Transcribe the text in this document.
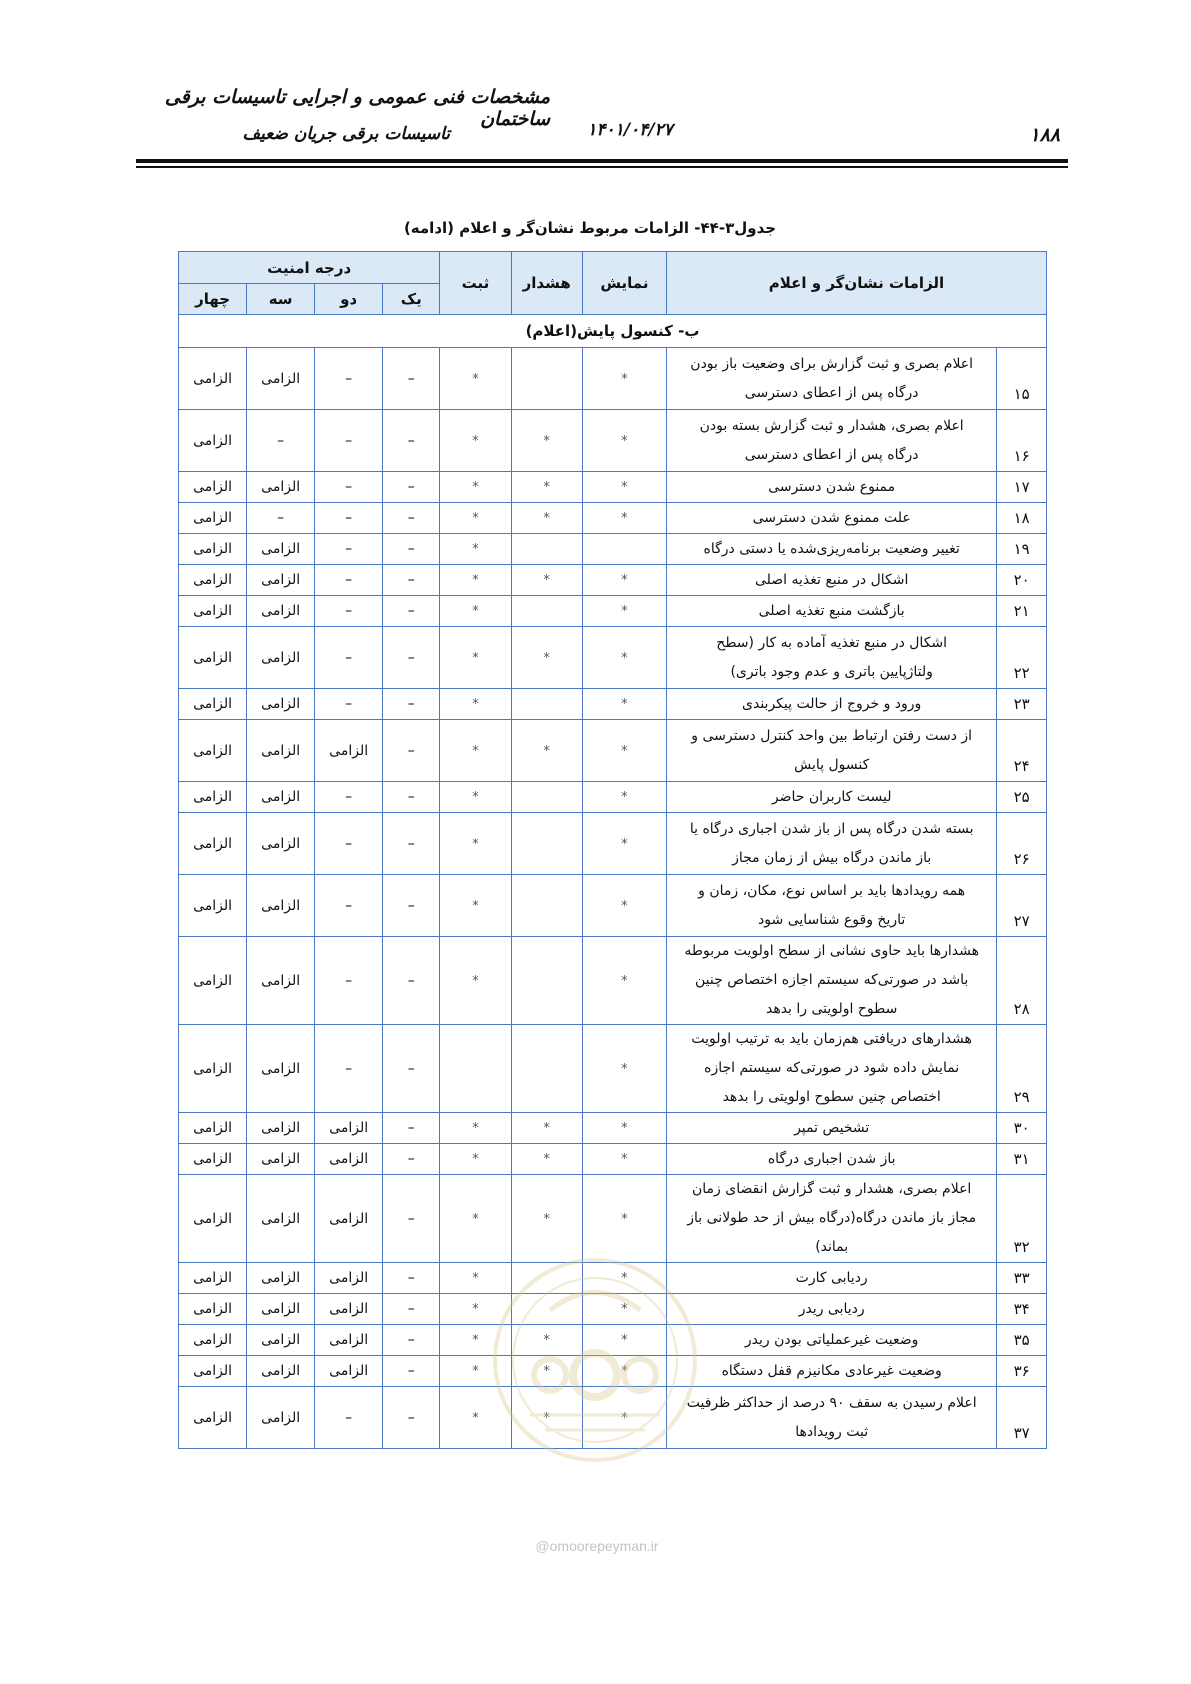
مشخصات فنی عمومی و اجرایی تاسیسات برقی ساختمان
تاسیسات برقی جریان ضعیف	۱۴۰۱/۰۴/۲۷	۱۸۸
جدول۳-۴۴- الزامات مربوط نشان‌گر و اعلام (ادامه)
الزامات نشان‌گر و اعلام		نمایش	هشدار	ثبت	درجه امنیت			
					یک	دو	سه	چهار
ب- کنسول پایش(اعلام)								
۱۵	اعلام بصری و ثبت گزارش برای وضعیت باز بودن
درگاه پس از اعطای دسترسی	*		*	–	–	الزامی	الزامی
۱۶	اعلام بصری، هشدار و ثبت گزارش بسته بودن
درگاه پس از اعطای دسترسی	*	*	*	–	–	–	الزامی
۱۷	ممنوع شدن دسترسی	*	*	*	–	–	الزامی	الزامی
۱۸	علت ممنوع شدن دسترسی	*	*	*	–	–	–	الزامی
۱۹	تغییر وضعیت برنامه‌ریزی‌شده یا دستی درگاه			*	–	–	الزامی	الزامی
۲۰	اشکال در منبع تغذیه اصلی	*	*	*	–	–	الزامی	الزامی
۲۱	بازگشت منبع تغذیه اصلی	*		*	–	–	الزامی	الزامی
۲۲	اشکال در منبع تغذیه آماده به کار (سطح
ولتاژپایین باتری و عدم وجود باتری)	*	*	*	–	–	الزامی	الزامی
۲۳	ورود و خروج از حالت پیکربندی	*		*	–	–	الزامی	الزامی
۲۴	از دست رفتن ارتباط بین واحد کنترل دسترسی و
کنسول پایش	*	*	*	–	الزامی	الزامی	الزامی
۲۵	لیست کاربران حاضر	*		*	–	–	الزامی	الزامی
۲۶	بسته شدن درگاه پس از باز شدن اجباری درگاه یا
باز ماندن درگاه بیش از زمان مجاز	*		*	–	–	الزامی	الزامی
۲۷	همه رویدادها باید بر اساس نوع، مکان، زمان و
تاریخ وقوع شناسایی شود	*		*	–	–	الزامی	الزامی
۲۸	هشدارها باید حاوی نشانی از سطح اولویت مربوطه
باشد در صورتی‌که سیستم اجازه اختصاص چنین
سطوح اولویتی را بدهد	*		*	–	–	الزامی	الزامی
۲۹	هشدارهای دریافتی هم‌زمان باید به ترتیب اولویت
نمایش داده شود در صورتی‌که سیستم اجازه
اختصاص چنین سطوح اولویتی را بدهد	*			–	–	الزامی	الزامی
۳۰	تشخیص تمپر	*	*	*	–	الزامی	الزامی	الزامی
۳۱	باز شدن اجباری درگاه	*	*	*	–	الزامی	الزامی	الزامی
۳۲	اعلام بصری، هشدار و ثبت گزارش انقضای زمان
مجاز باز ماندن درگاه(درگاه بیش از حد طولانی باز
بماند)	*	*	*	–	الزامی	الزامی	الزامی
۳۳	ردیابی کارت	*		*	–	الزامی	الزامی	الزامی
۳۴	ردیابی ریدر	*		*	–	الزامی	الزامی	الزامی
۳۵	وضعیت غیرعملیاتی بودن ریدر	*	*	*	–	الزامی	الزامی	الزامی
۳۶	وضعیت غیرعادی مکانیزم قفل دستگاه	*	*	*	–	الزامی	الزامی	الزامی
۳۷	اعلام رسیدن به سقف ۹۰ درصد از حداکثر ظرفیت
ثبت رویدادها	*	*	*	–	–	الزامی	الزامی
@omoorepeyman.ir
